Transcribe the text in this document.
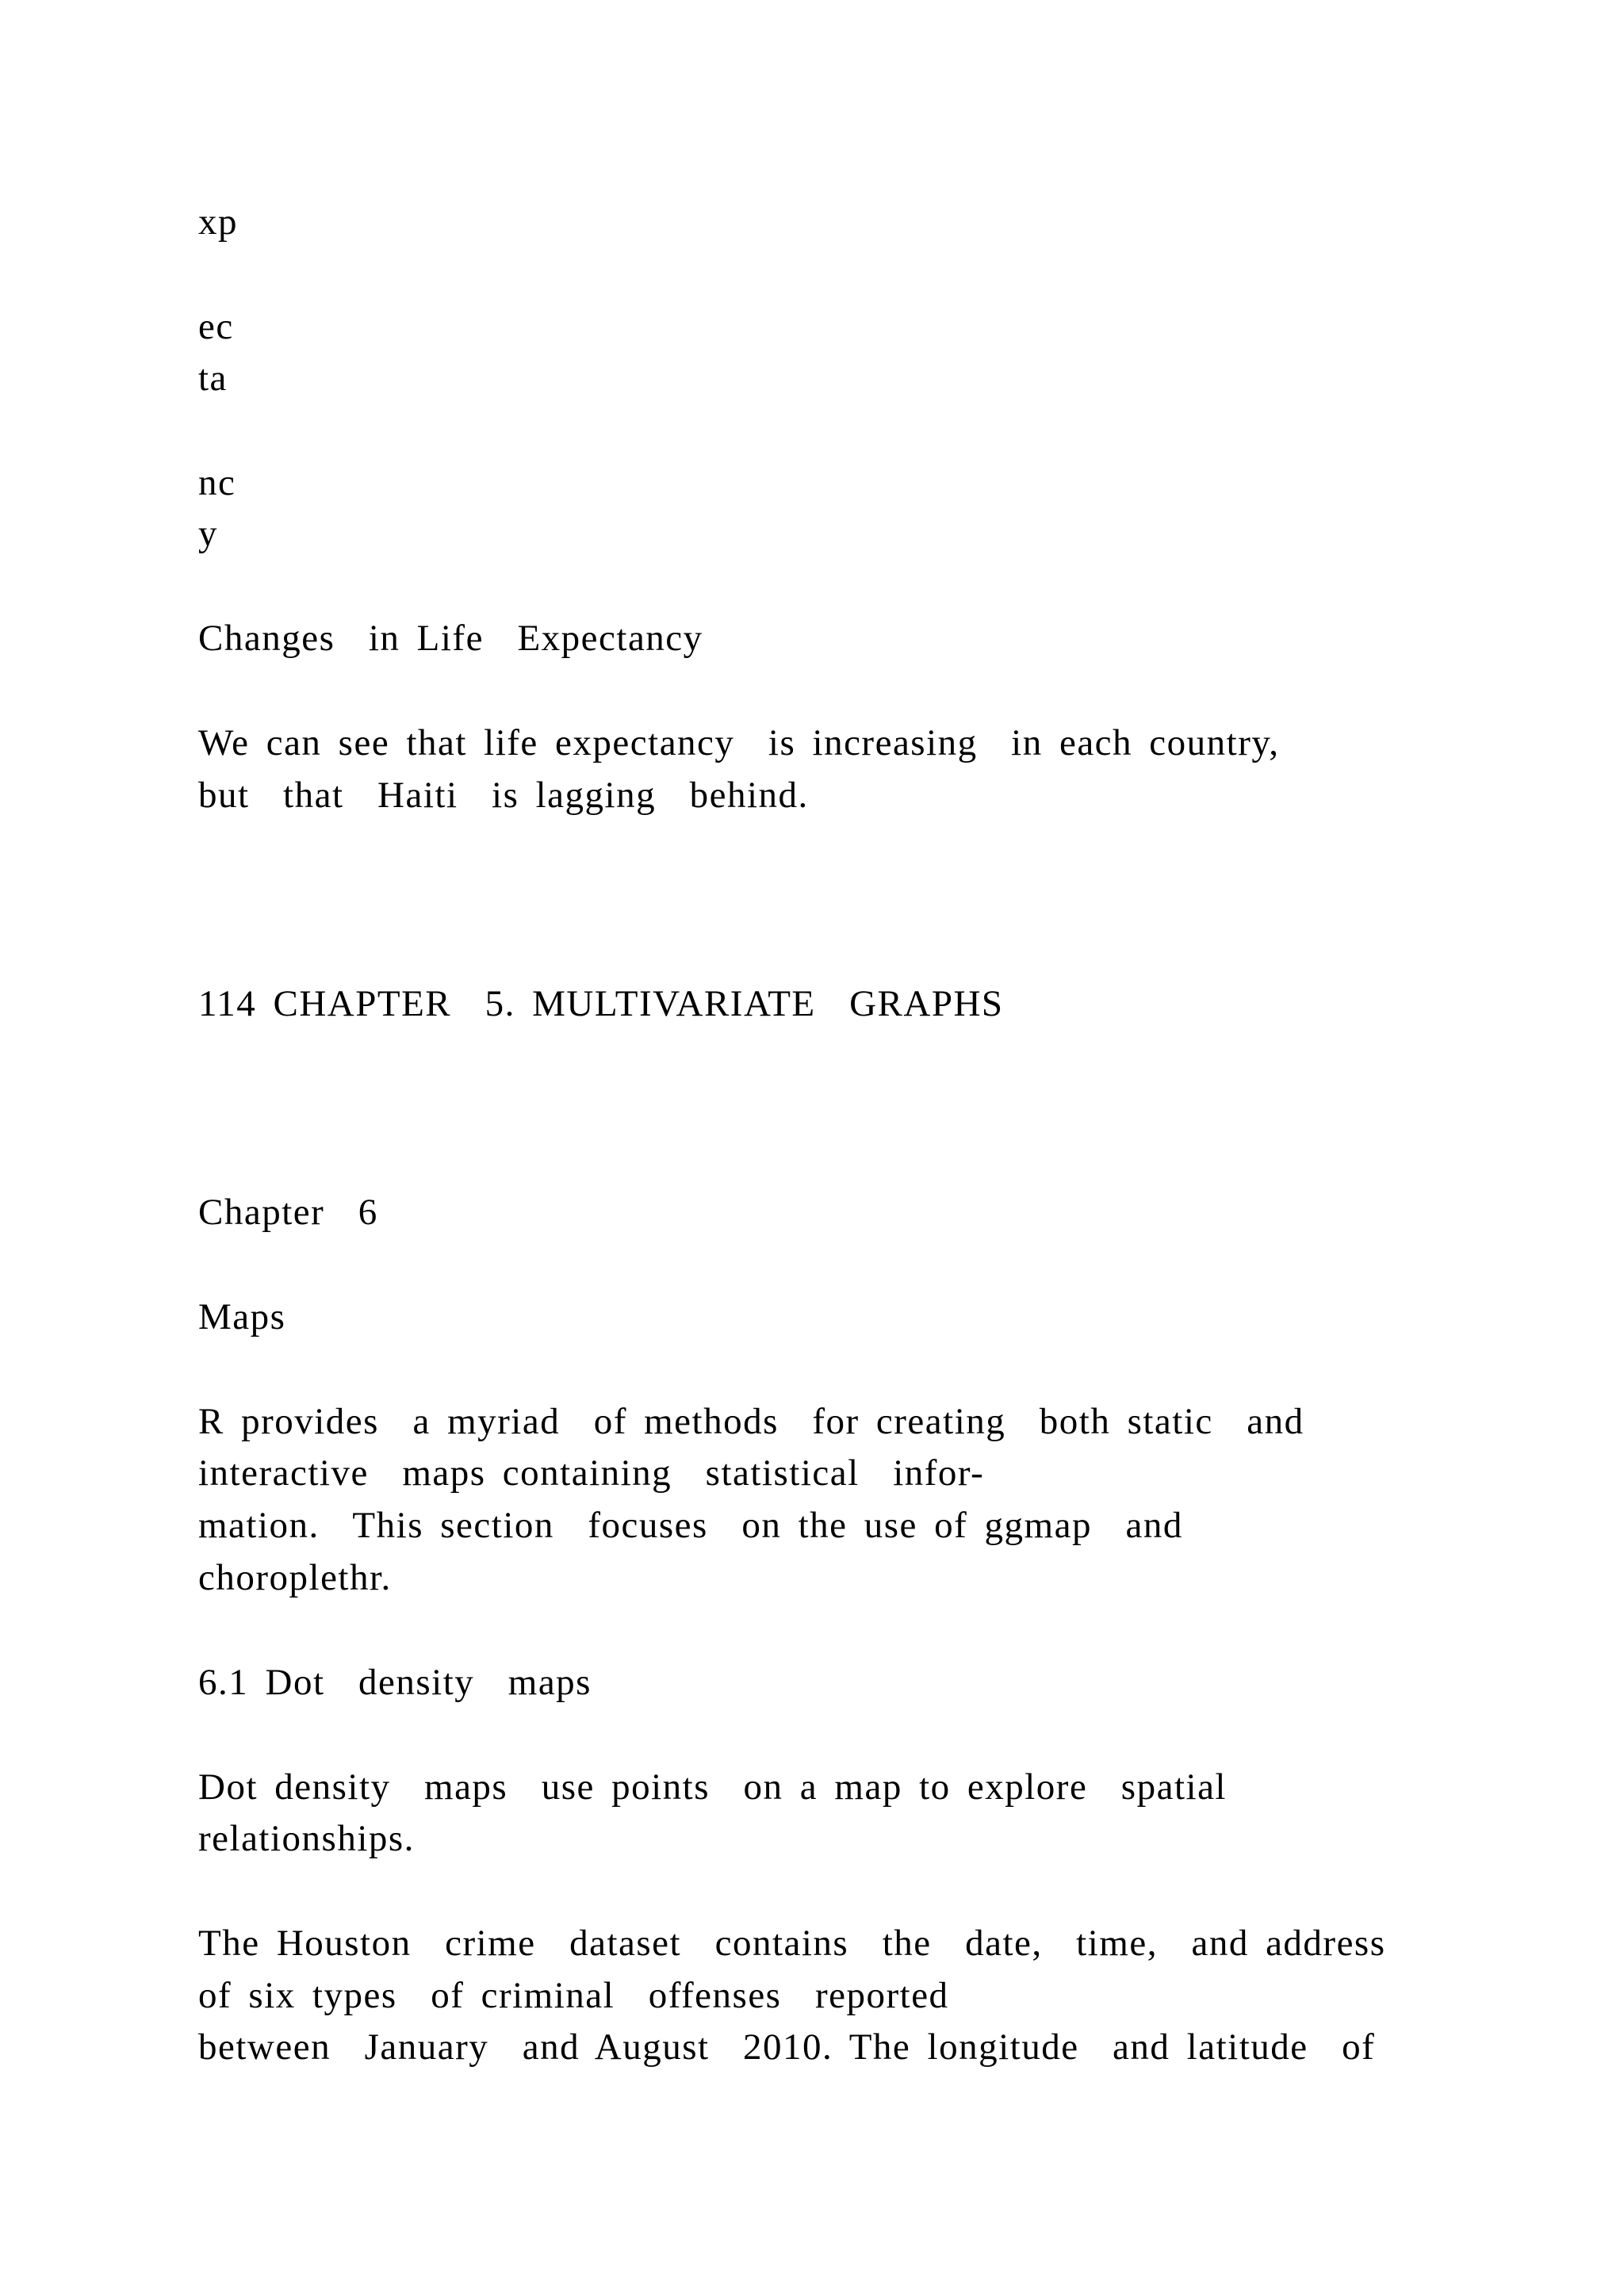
xp
ec
ta
nc
y
Changes  in Life  Expectancy
We can see that life expectancy  is increasing  in each country,
but  that  Haiti  is lagging  behind.
114 CHAPTER  5. MULTIVARIATE  GRAPHS
Chapter  6
Maps
R provides  a myriad  of methods  for creating  both static  and
interactive  maps containing  statistical  infor-
mation.  This section  focuses  on the use of ggmap  and
choroplethr.
6.1 Dot  density  maps
Dot density  maps  use points  on a map to explore  spatial
relationships.
The Houston  crime  dataset  contains  the  date,  time,  and address
of six types  of criminal  offenses  reported
between  January  and August  2010. The longitude  and latitude  of
